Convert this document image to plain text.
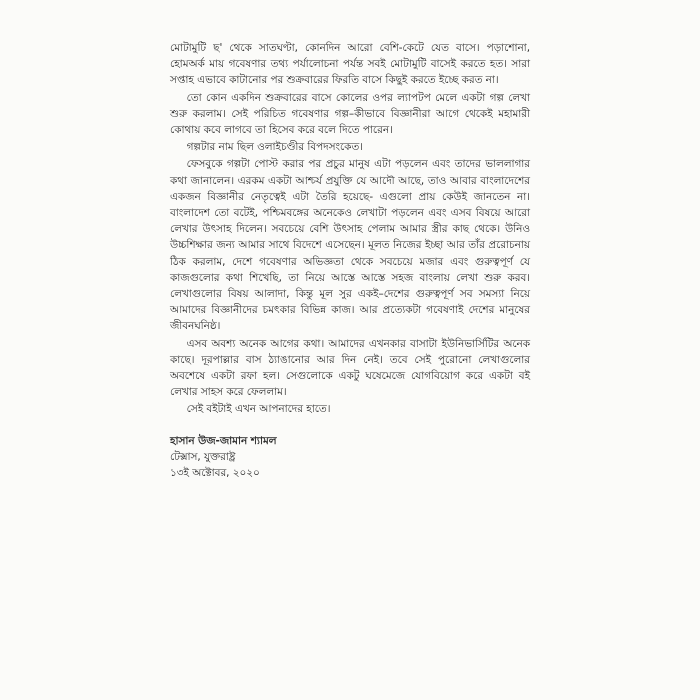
মোটামুটি ছ' থেকে সাতঘণ্টা, কোনদিন আরো বেশি-কেটে যেত বাসে। পড়াশোনা, হোমঅর্ক মায় গবেষণার তথ্য পর্যালোচনা পর্যন্ত সবই মোটামুটি বাসেই করতে হত। সারা সপ্তাহ এভাবে কাটানোর পর শুক্রবারের ফিরতি বাসে কিছুই করতে ইচ্ছে করত না।

তো কোন একদিন শুক্রবারের বাসে কোলের ওপর ল্যাপটপ মেলে একটা গল্প লেখা শুরু করলাম। সেই পরিচিত গবেষণার গল্প–কীভাবে বিজ্ঞানীরা আগে থেকেই মহামারী কোথায় কবে লাগবে তা হিসেব করে বলে দিতে পারেন।

গল্পটার নাম ছিল ওলাইচণ্ডীর বিপদসংকেত।

ফেসবুকে গল্পটা পোস্ট করার পর প্রচুর মানুষ এটা পড়লেন এবং তাদের ভাললাগার কথা জানালেন। এরকম একটা আশ্চর্য প্রযুক্তি যে আদৌ আছে, তাও আবার বাংলাদেশের একজন বিজ্ঞানীর নেতৃত্বেই এটা তৈরি হয়েছে- এগুলো প্রায় কেউই জানতেন না। বাংলাদেশ তো বটেই, পশ্চিমবঙ্গের অনেকেও লেখাটা পড়লেন এবং এসব বিষয়ে আরো লেখার উৎসাহ দিলেন। সবচেয়ে বেশি উৎসাহ পেলাম আমার স্ত্রীর কাছ থেকে। উনিও উচ্চশিক্ষার জন্য আমার সাথে বিদেশে এসেছেন। মূলত নিজের ইচ্ছা আর তাঁর প্ররোচনায় ঠিক করলাম, দেশে গবেষণার অভিজ্ঞতা থেকে সবচেয়ে মজার এবং গুরুত্বপূর্ণ যে কাজগুলোর কথা শিখেছি, তা নিয়ে আস্তে আস্তে সহজ বাংলায় লেখা শুরু করব। লেখাগুলোর বিষয় আলাদা, কিন্তু মূল সুর একই–দেশের গুরুত্বপূর্ণ সব সমস্যা নিয়ে আমাদের বিজ্ঞানীদের চমৎকার বিভিন্ন কাজ। আর প্রত্যেকটা গবেষণাই দেশের মানুষের জীবনঘনিষ্ঠ।

এসব অবশ্য অনেক আগের কথা। আমাদের এখনকার বাসাটা ইউনিভার্সিটির অনেক কাছে। দূরপাল্লার বাস ঠ্যাঙানোর আর দিন নেই। তবে সেই পুরোনো লেখাগুলোর অবশেষে একটা রফা হল। সেগুলোকে একটু ঘষেমেজে যোগবিয়োগ করে একটা বই লেখার সাহস করে ফেললাম।

সেই বইটাই এখন আপনাদের হাতে।

হাসান উজ-জামান শ্যামল

টেক্সাস, যুক্তরাষ্ট্র

১৩ই অক্টোবর, ২০২০
